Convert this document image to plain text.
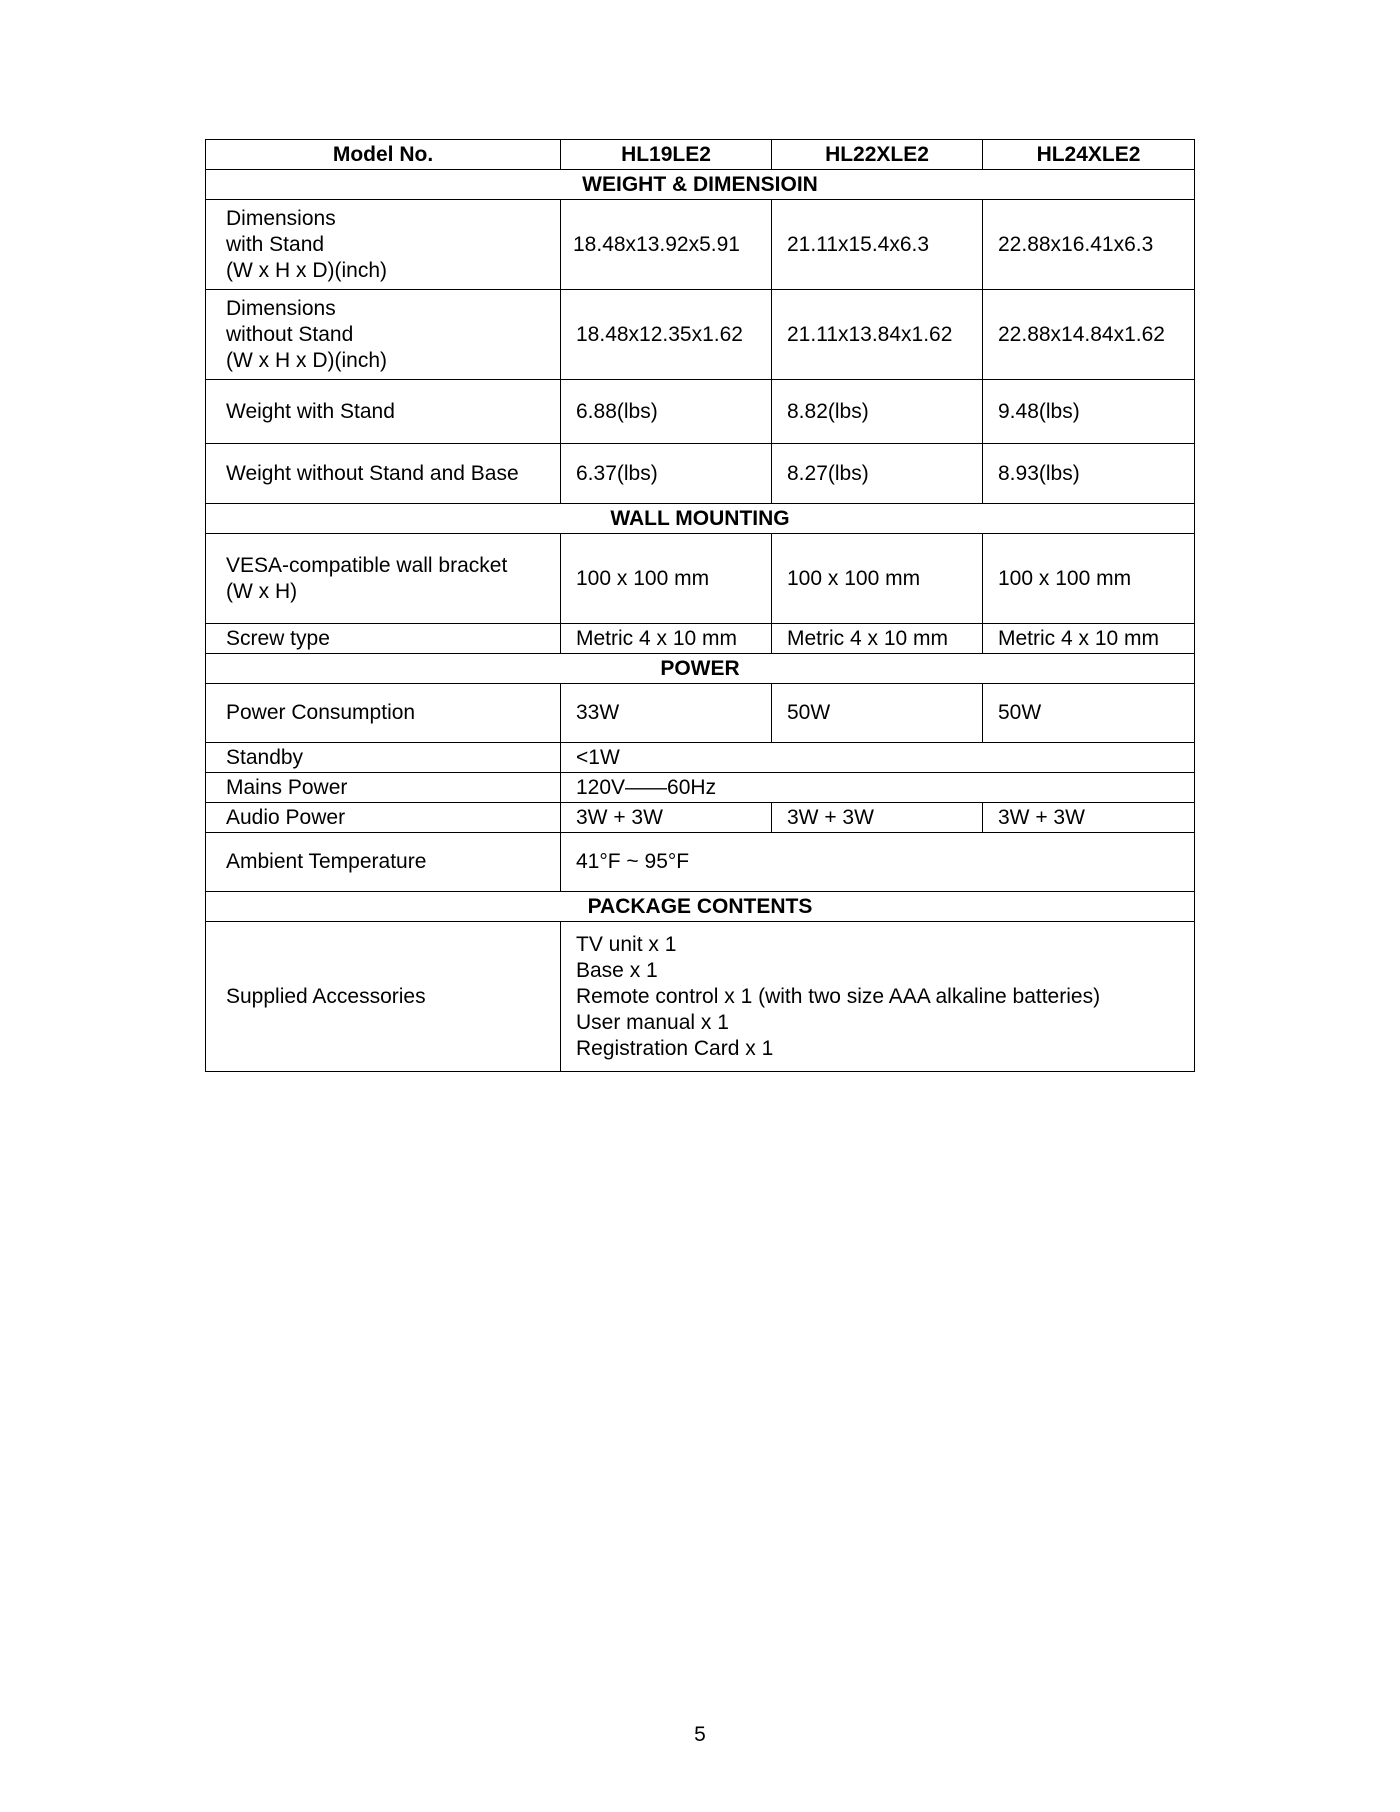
Model No.	HL19LE2	HL22XLE2	HL24XLE2
WEIGHT & DIMENSIOIN			

Dimensions
with Stand
(W x H x D)(inch)	18.48x13.92x5.91	21.11x15.4x6.3	22.88x16.41x6.3

Dimensions
without Stand
(W x H x D)(inch)	18.48x12.35x1.62	21.11x13.84x1.62	22.88x14.84x1.62
Weight with Stand	6.88(lbs)	8.82(lbs)	9.48(lbs)
Weight without Stand and Base	6.37(lbs)	8.27(lbs)	8.93(lbs)
WALL MOUNTING			

VESA-compatible wall bracket
(W x H)	100 x 100 mm	100 x 100 mm	100 x 100 mm
Screw type	Metric 4 x 10 mm	Metric 4 x 10 mm	Metric 4 x 10 mm
POWER			
Power Consumption	33W	50W	50W
Standby	<1W		
Mains Power	120V——60Hz		
Audio Power	3W + 3W	3W + 3W	3W + 3W
Ambient Temperature	41°F ~ 95°F		
PACKAGE CONTENTS			
Supplied Accessories	TV unit x 1
Base x 1
Remote control x 1 (with two size AAA alkaline batteries)
User manual x 1
Registration Card x 1		
5
